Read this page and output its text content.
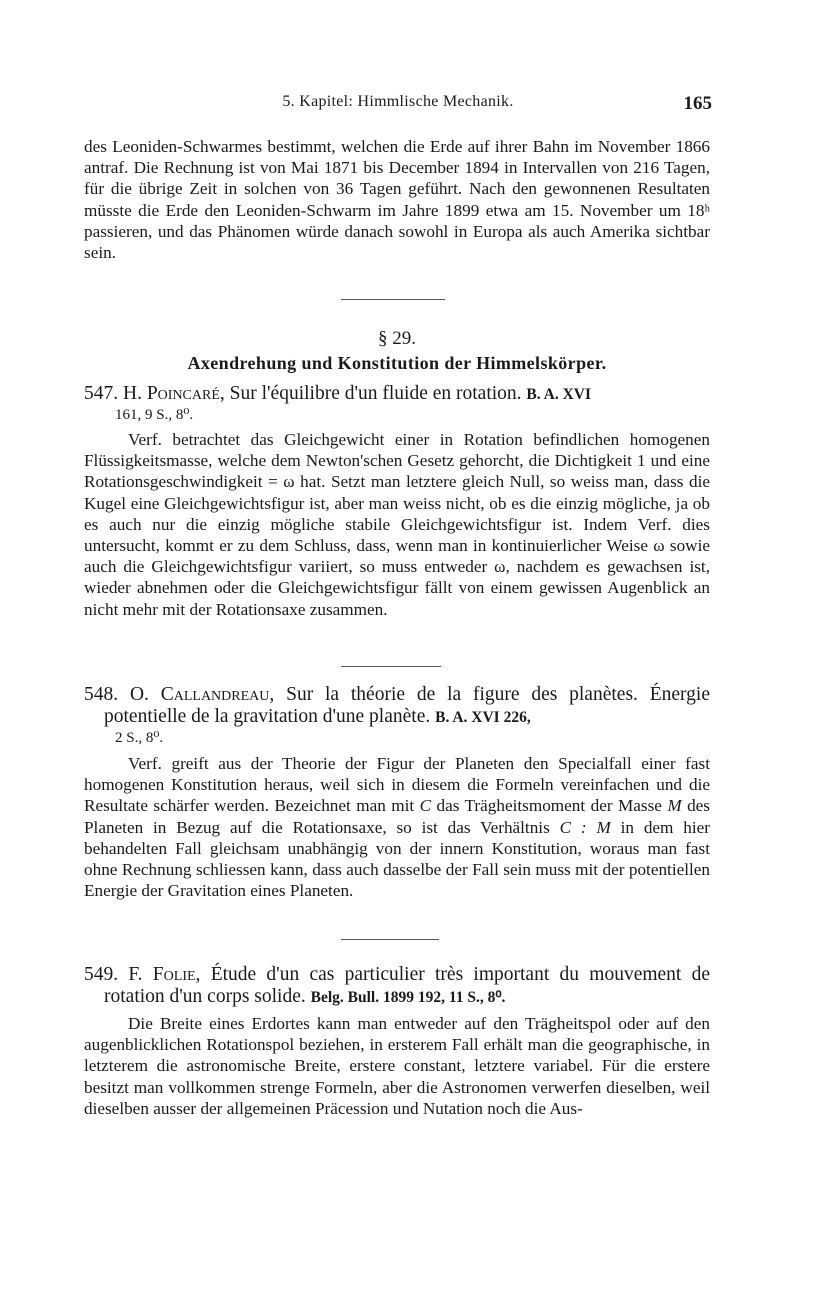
5. Kapitel: Himmlische Mechanik.	165

des Leoniden-Schwarmes bestimmt, welchen die Erde auf ihrer Bahn im November 1866 antraf. Die Rechnung ist von Mai 1871 bis December 1894 in Intervallen von 216 Tagen, für die übrige Zeit in solchen von 36 Tagen geführt. Nach den gewonnenen Resultaten müsste die Erde den Leoniden-Schwarm im Jahre 1899 etwa am 15. November um 18ʰ passieren, und das Phänomen würde danach sowohl in Europa als auch Amerika sichtbar sein.

§ 29.
Axendrehung und Konstitution der Himmelskörper.

547. H. Poincaré, Sur l'équilibre d'un fluide en rotation. B. A. XVI

161, 9 S., 8⁰.

Verf. betrachtet das Gleichgewicht einer in Rotation befindlichen homogenen Flüssigkeitsmasse, welche dem Newton'schen Gesetz gehorcht, die Dichtigkeit 1 und eine Rotationsgeschwindigkeit = ω hat. Setzt man letztere gleich Null, so weiss man, dass die Kugel eine Gleichgewichtsfigur ist, aber man weiss nicht, ob es die einzig mögliche, ja ob es auch nur die einzig mögliche stabile Gleichgewichtsfigur ist. Indem Verf. dies untersucht, kommt er zu dem Schluss, dass, wenn man in kontinuierlicher Weise ω sowie auch die Gleichgewichtsfigur variiert, so muss entweder ω, nachdem es gewachsen ist, wieder abnehmen oder die Gleichgewichtsfigur fällt von einem gewissen Augenblick an nicht mehr mit der Rotationsaxe zusammen.

548. O. Callandreau, Sur la théorie de la figure des planètes. Énergie potentielle de la gravitation d'une planète. B. A. XVI 226,

2 S., 8⁰.

Verf. greift aus der Theorie der Figur der Planeten den Specialfall einer fast homogenen Konstitution heraus, weil sich in diesem die Formeln vereinfachen und die Resultate schärfer werden. Bezeichnet man mit C das Trägheitsmoment der Masse M des Planeten in Bezug auf die Rotationsaxe, so ist das Verhältnis C : M in dem hier behandelten Fall gleichsam unabhängig von der innern Konstitution, woraus man fast ohne Rechnung schliessen kann, dass auch dasselbe der Fall sein muss mit der potentiellen Energie der Gravitation eines Planeten.

549. F. Folie, Étude d'un cas particulier très important du mouvement de rotation d'un corps solide. Belg. Bull. 1899 192, 11 S., 8⁰.

Die Breite eines Erdortes kann man entweder auf den Trägheitspol oder auf den augenblicklichen Rotationspol beziehen, in ersterem Fall erhält man die geographische, in letzterem die astronomische Breite, erstere constant, letztere variabel. Für die erstere besitzt man vollkommen strenge Formeln, aber die Astronomen verwerfen dieselben, weil dieselben ausser der allgemeinen Präcession und Nutation noch die Aus-
